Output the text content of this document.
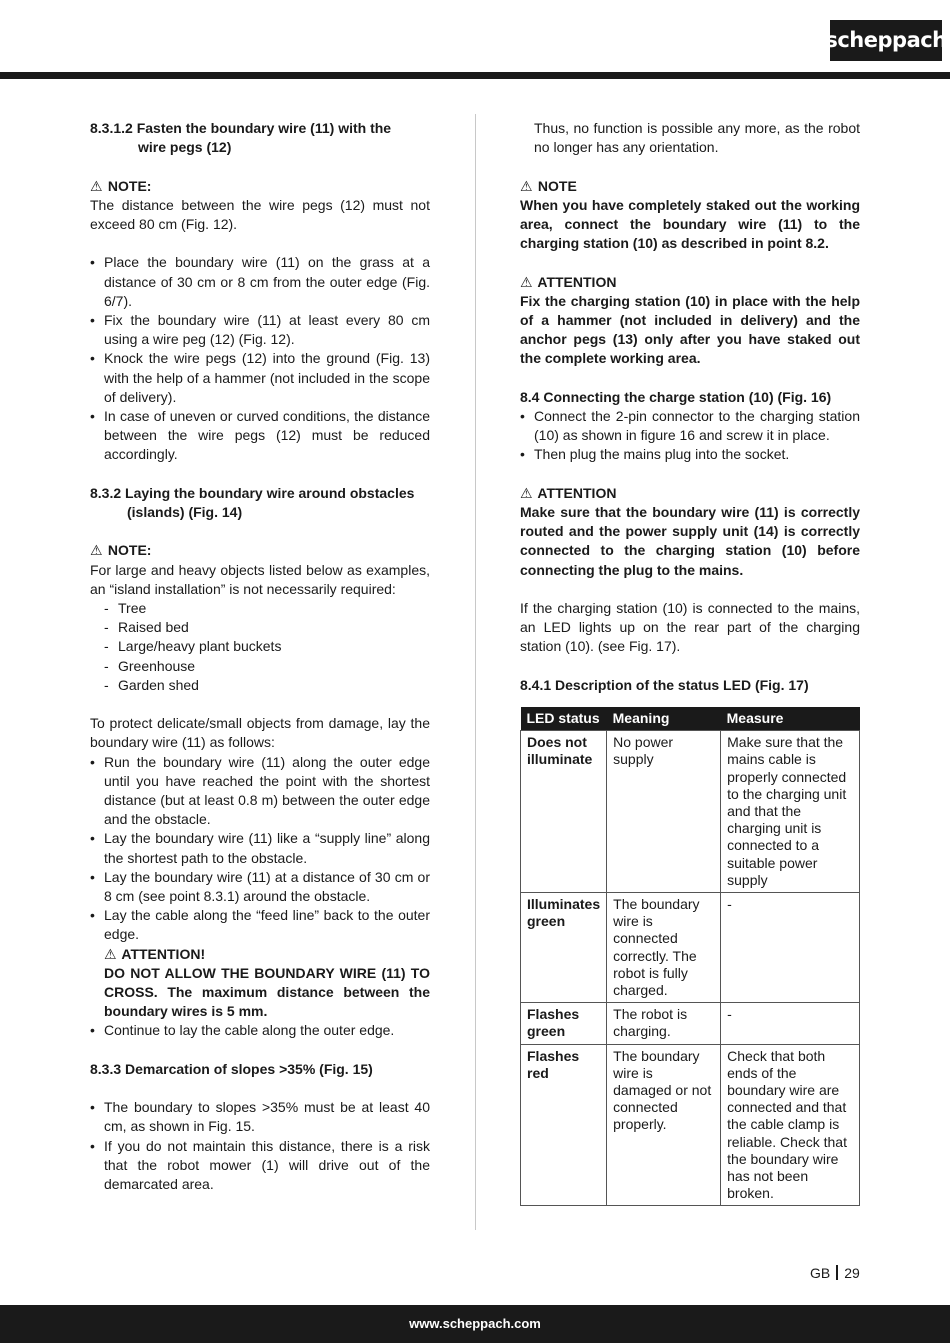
scheppach

8.3.1.2 Fasten the boundary wire (11) with the
wire pegs (12)

⚠ NOTE:

The distance between the wire pegs (12) must not exceed 80 cm (Fig. 12).

• Place the boundary wire (11) on the grass at a distance of 30 cm or 8 cm from the outer edge (Fig. 6/7).
• Fix the boundary wire (11) at least every 80 cm using a wire peg (12) (Fig. 12).
• Knock the wire pegs (12) into the ground (Fig. 13) with the help of a hammer (not included in the scope of delivery).
• In case of uneven or curved conditions, the distance between the wire pegs (12) must be reduced accordingly.

8.3.2 Laying the boundary wire around obstacles
(islands) (Fig. 14)

⚠ NOTE:

For large and heavy objects listed below as examples, an “island installation” is not necessarily required:

- Tree
- Raised bed
- Large/heavy plant buckets
- Greenhouse
- Garden shed

To protect delicate/small objects from damage, lay the boundary wire (11) as follows:

• Run the boundary wire (11) along the outer edge until you have reached the point with the shortest distance (but at least 0.8 m) between the outer edge and the obstacle.
• Lay the boundary wire (11) like a “supply line” along the shortest path to the obstacle.
• Lay the boundary wire (11) at a distance of 30 cm or 8 cm (see point 8.3.1) around the obstacle.
• Lay the cable along the “feed line” back to the outer edge.

⚠ ATTENTION!

DO NOT ALLOW THE BOUNDARY WIRE (11) TO CROSS. The maximum distance between the boundary wires is 5 mm.

• Continue to lay the cable along the outer edge.

8.3.3 Demarcation of slopes >35% (Fig. 15)

• The boundary to slopes >35% must be at least 40 cm, as shown in Fig. 15.
• If you do not maintain this distance, there is a risk that the robot mower (1) will drive out of the demarcated area.

Thus, no function is possible any more, as the robot no longer has any orientation.

⚠ NOTE

When you have completely staked out the working area, connect the boundary wire (11) to the charging station (10) as described in point 8.2.

⚠ ATTENTION

Fix the charging station (10) in place with the help of a hammer (not included in delivery) and the anchor pegs (13) only after you have staked out the complete working area.

8.4 Connecting the charge station (10) (Fig. 16)

• Connect the 2-pin connector to the charging station (10) as shown in figure 16 and screw it in place.
• Then plug the mains plug into the socket.

⚠ ATTENTION

Make sure that the boundary wire (11) is correctly routed and the power supply unit (14) is correctly connected to the charging station (10) before connecting the plug to the mains.

If the charging station (10) is connected to the mains, an LED lights up on the rear part of the charging station (10). (see Fig. 17).

8.4.1 Description of the status LED (Fig. 17)

LED status	Meaning	Measure
Does not illuminate	No power supply	Make sure that the mains cable is properly connected to the charging unit and that the charging unit is connected to a suitable power supply
Illuminates green	The boundary wire is connected correctly. The robot is fully charged.	-
Flashes green	The robot is charging.	-
Flashes red	The boundary wire is damaged or not connected properly.	Check that both ends of the boundary wire are connected and that the cable clamp is reliable. Check that the boundary wire has not been broken.
GB 29
www.scheppach.com
